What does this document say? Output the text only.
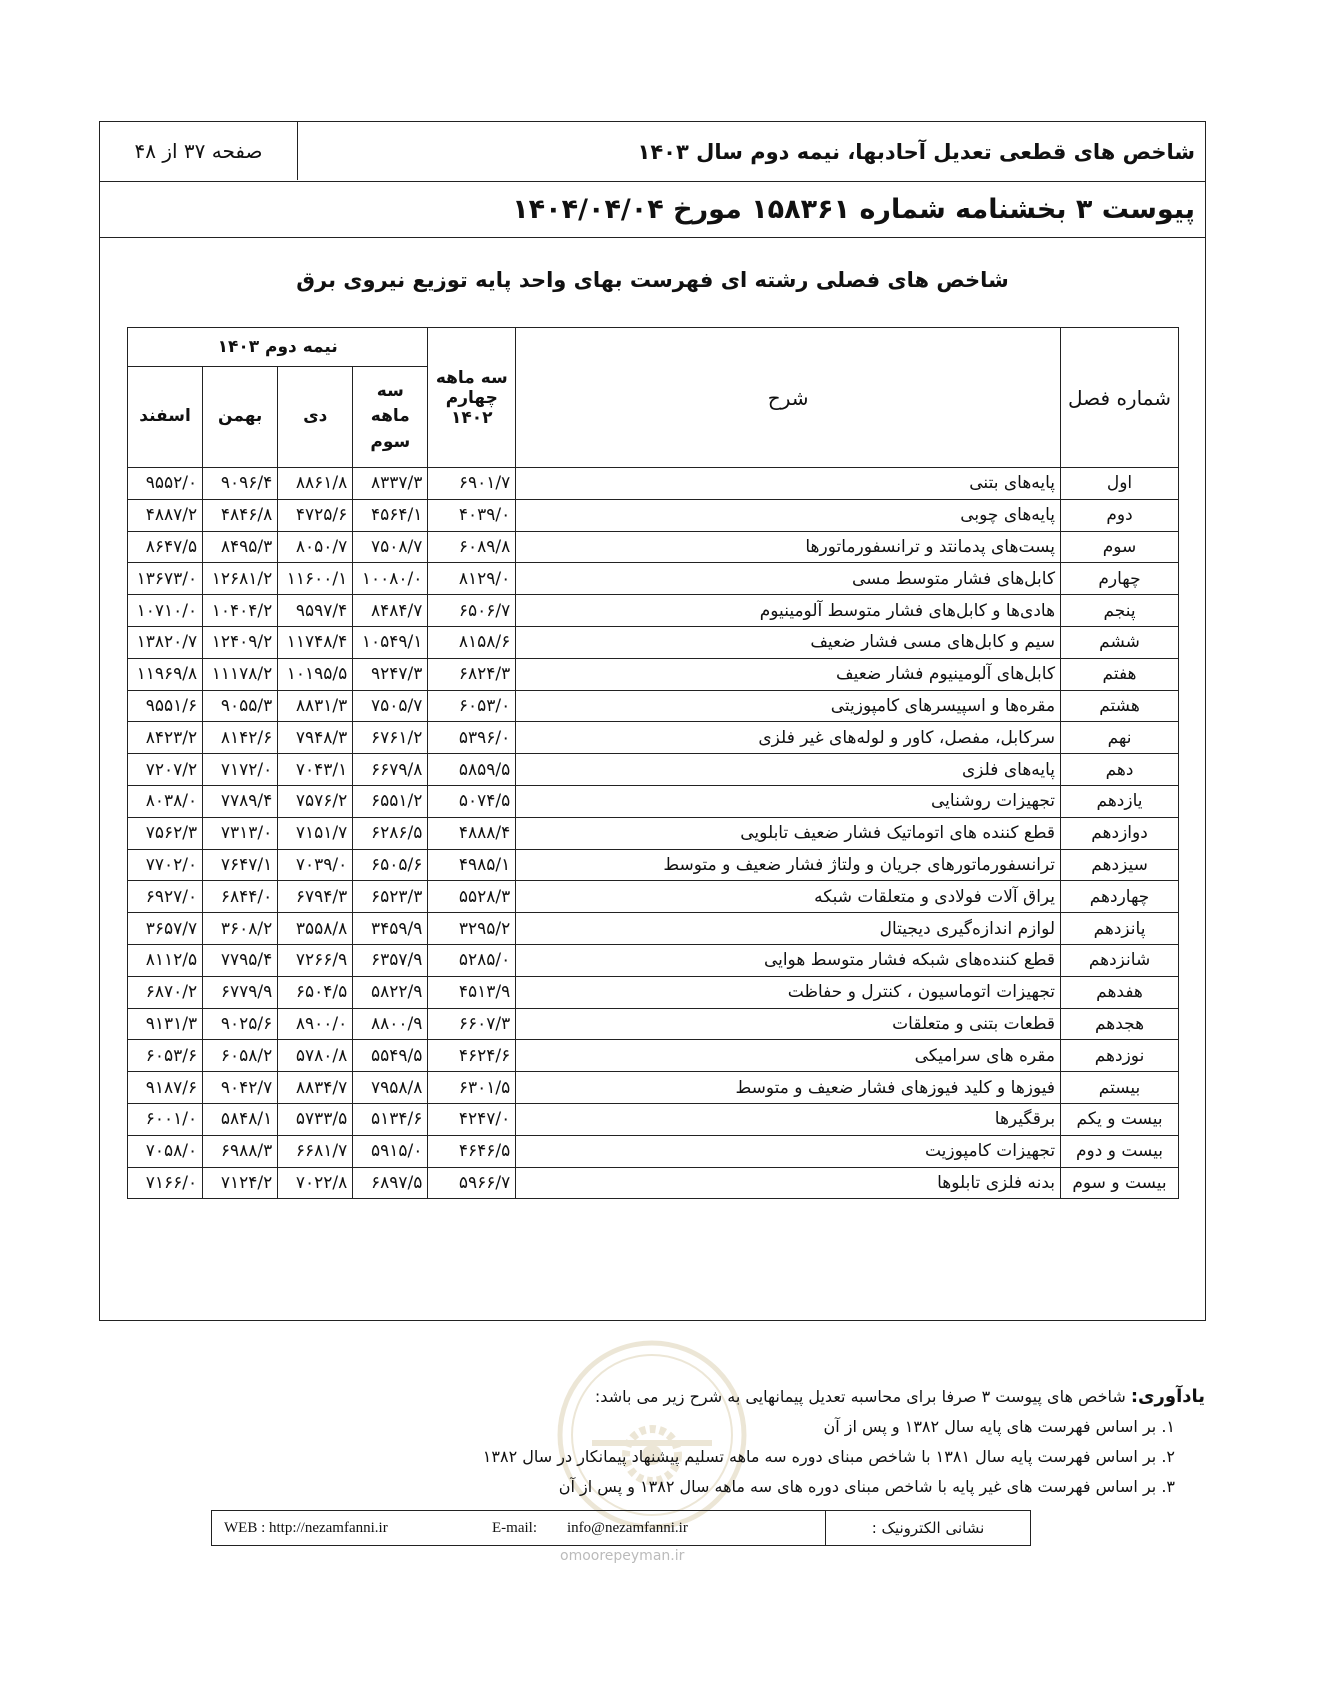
شاخص های قطعی تعدیل آحادبها، نیمه دوم سال ۱۴۰۳
صفحه ۳۷ از ۴۸
پیوست ۳ بخشنامه شماره ۱۵۸۳۶۱ مورخ ۱۴۰۴/۰۴/۰۴
شاخص های فصلی رشته ای فهرست بهای واحد پایه توزیع نیروی برق
شماره فصل	شرح	سه ماهه چهارم ۱۴۰۲	نیمه دوم ۱۴۰۳			
			سه ماهه سوم	دی	بهمن	اسفند
اول	پایه‌های بتنی	۶۹۰۱/۷	۸۳۳۷/۳	۸۸۶۱/۸	۹۰۹۶/۴	۹۵۵۲/۰
دوم	پایه‌های چوبی	۴۰۳۹/۰	۴۵۶۴/۱	۴۷۲۵/۶	۴۸۴۶/۸	۴۸۸۷/۲
سوم	پست‌های پدمانتد و ترانسفورماتورها	۶۰۸۹/۸	۷۵۰۸/۷	۸۰۵۰/۷	۸۴۹۵/۳	۸۶۴۷/۵
چهارم	کابل‌های فشار متوسط مسی	۸۱۲۹/۰	۱۰۰۸۰/۰	۱۱۶۰۰/۱	۱۲۶۸۱/۲	۱۳۶۷۳/۰
پنجم	هادی‌ها و کابل‌های فشار متوسط آلومینیوم	۶۵۰۶/۷	۸۴۸۴/۷	۹۵۹۷/۴	۱۰۴۰۴/۲	۱۰۷۱۰/۰
ششم	سیم و کابل‌های مسی فشار ضعیف	۸۱۵۸/۶	۱۰۵۴۹/۱	۱۱۷۴۸/۴	۱۲۴۰۹/۲	۱۳۸۲۰/۷
هفتم	کابل‌های آلومینیوم فشار ضعیف	۶۸۲۴/۳	۹۲۴۷/۳	۱۰۱۹۵/۵	۱۱۱۷۸/۲	۱۱۹۶۹/۸
هشتم	مقره‌ها و اسپیسرهای کامپوزیتی	۶۰۵۳/۰	۷۵۰۵/۷	۸۸۳۱/۳	۹۰۵۵/۳	۹۵۵۱/۶
نهم	سرکابل، مفصل، کاور و لوله‌های غیر فلزی	۵۳۹۶/۰	۶۷۶۱/۲	۷۹۴۸/۳	۸۱۴۲/۶	۸۴۲۳/۲
دهم	پایه‌های فلزی	۵۸۵۹/۵	۶۶۷۹/۸	۷۰۴۳/۱	۷۱۷۲/۰	۷۲۰۷/۲
یازدهم	تجهیزات روشنایی	۵۰۷۴/۵	۶۵۵۱/۲	۷۵۷۶/۲	۷۷۸۹/۴	۸۰۳۸/۰
دوازدهم	قطع کننده های اتوماتیک فشار ضعیف تابلویی	۴۸۸۸/۴	۶۲۸۶/۵	۷۱۵۱/۷	۷۳۱۳/۰	۷۵۶۲/۳
سیزدهم	ترانسفورماتورهای جریان و ولتاژ فشار ضعیف و متوسط	۴۹۸۵/۱	۶۵۰۵/۶	۷۰۳۹/۰	۷۶۴۷/۱	۷۷۰۲/۰
چهاردهم	یراق آلات فولادی و متعلقات شبکه	۵۵۲۸/۳	۶۵۲۳/۳	۶۷۹۴/۳	۶۸۴۴/۰	۶۹۲۷/۰
پانزدهم	لوازم اندازه‌گیری دیجیتال	۳۲۹۵/۲	۳۴۵۹/۹	۳۵۵۸/۸	۳۶۰۸/۲	۳۶۵۷/۷
شانزدهم	قطع کننده‌های شبکه فشار متوسط هوایی	۵۲۸۵/۰	۶۳۵۷/۹	۷۲۶۶/۹	۷۷۹۵/۴	۸۱۱۲/۵
هفدهم	تجهیزات اتوماسیون ، کنترل و حفاظت	۴۵۱۳/۹	۵۸۲۲/۹	۶۵۰۴/۵	۶۷۷۹/۹	۶۸۷۰/۲
هجدهم	قطعات بتنی و متعلقات	۶۶۰۷/۳	۸۸۰۰/۹	۸۹۰۰/۰	۹۰۲۵/۶	۹۱۳۱/۳
نوزدهم	مقره های سرامیکی	۴۶۲۴/۶	۵۵۴۹/۵	۵۷۸۰/۸	۶۰۵۸/۲	۶۰۵۳/۶
بیستم	فیوزها و کلید فیوزهای فشار ضعیف و متوسط	۶۳۰۱/۵	۷۹۵۸/۸	۸۸۳۴/۷	۹۰۴۲/۷	۹۱۸۷/۶
بیست و یکم	برقگیرها	۴۲۴۷/۰	۵۱۳۴/۶	۵۷۳۳/۵	۵۸۴۸/۱	۶۰۰۱/۰
بیست و دوم	تجهیزات کامپوزیت	۴۶۴۶/۵	۵۹۱۵/۰	۶۶۸۱/۷	۶۹۸۸/۳	۷۰۵۸/۰
بیست و سوم	بدنه فلزی تابلوها	۵۹۶۶/۷	۶۸۹۷/۵	۷۰۲۲/۸	۷۱۲۴/۲	۷۱۶۶/۰
omoorepeyman.ir
یادآوری: شاخص های پیوست ۳ صرفا برای محاسبه تعدیل پیمانهایی به شرح زیر می باشد:
۱. بر اساس فهرست های پایه سال ۱۳۸۲ و پس از آن
۲. بر اساس فهرست پایه سال ۱۳۸۱ با شاخص مبنای دوره سه ماهه تسلیم پیشنهاد پیمانکار در سال ۱۳۸۲
۳. بر اساس فهرست های غیر پایه با شاخص مبنای دوره های سه ماهه سال ۱۳۸۲ و پس از آن
WEB : http://nezamfanni.ir	E-mail: info@nezamfanni.ir	نشانی الکترونیک :
